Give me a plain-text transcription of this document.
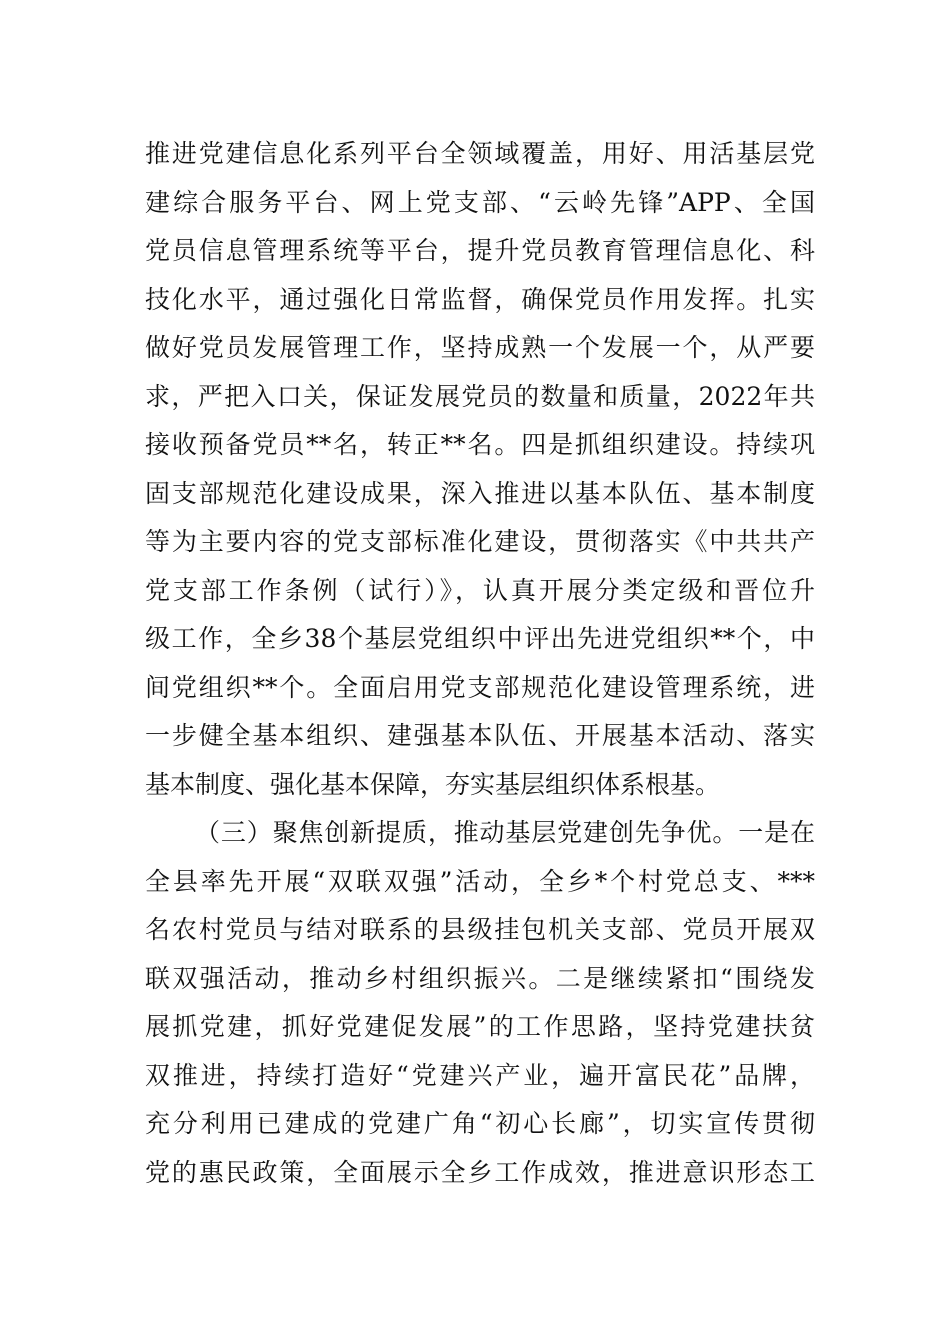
推进党建信息化系列平台全领域覆盖，用好、用活基层党
建综合服务平台、网上党支部、“云岭先锋”APP、全国
党员信息管理系统等平台，提升党员教育管理信息化、科
技化水平，通过强化日常监督，确保党员作用发挥。扎实
做好党员发展管理工作，坚持成熟一个发展一个，从严要
求，严把入口关，保证发展党员的数量和质量，2022年共
接收预备党员**名，转正**名。四是抓组织建设。持续巩
固支部规范化建设成果，深入推进以基本队伍、基本制度
等为主要内容的党支部标准化建设，贯彻落实《中共共产
党支部工作条例（试行）》，认真开展分类定级和晋位升
级工作，全乡38个基层党组织中评出先进党组织**个，中
间党组织**个。全面启用党支部规范化建设管理系统，进
一步健全基本组织、建强基本队伍、开展基本活动、落实
基本制度、强化基本保障，夯实基层组织体系根基。
（三）聚焦创新提质，推动基层党建创先争优。一是在
全县率先开展“双联双强”活动，全乡*个村党总支、***
名农村党员与结对联系的县级挂包机关支部、党员开展双
联双强活动，推动乡村组织振兴。二是继续紧扣“围绕发
展抓党建，抓好党建促发展”的工作思路，坚持党建扶贫
双推进，持续打造好“党建兴产业，遍开富民花”品牌，
充分利用已建成的党建广角“初心长廊”，切实宣传贯彻
党的惠民政策，全面展示全乡工作成效，推进意识形态工
